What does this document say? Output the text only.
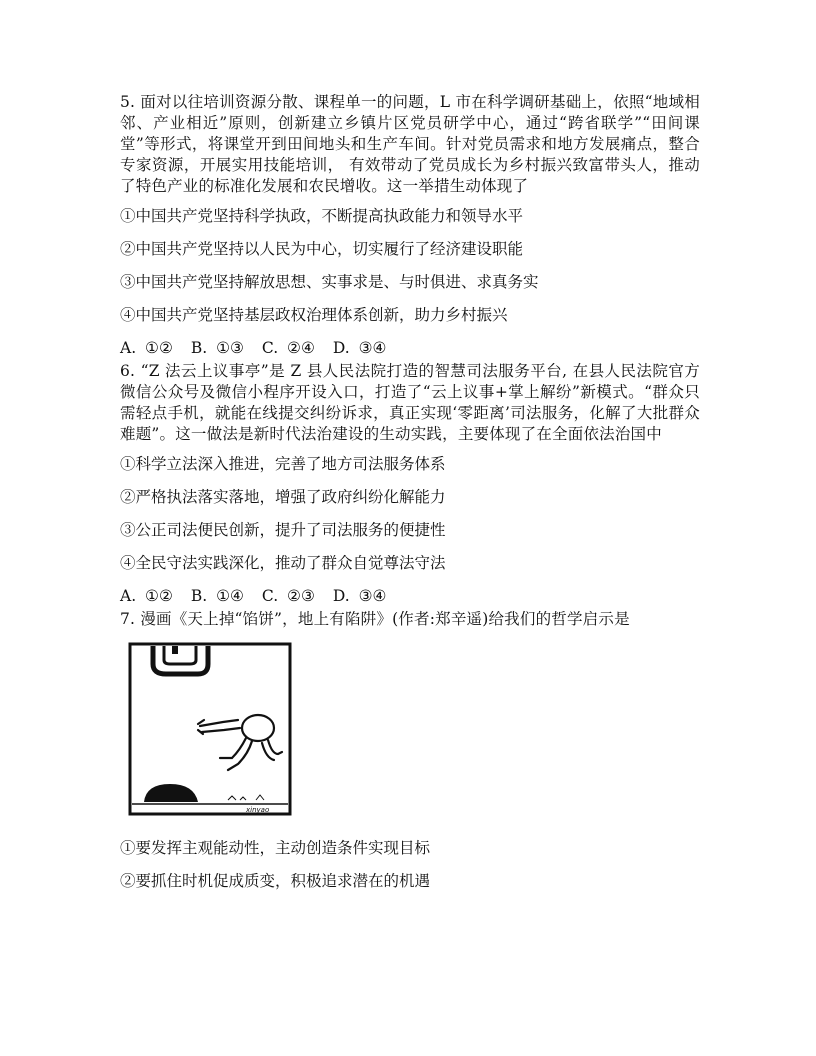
5. 面对以往培训资源分散、课程单一的问题，L 市在科学调研基础上，依照“地域相邻、产业相近”原则，创新建立乡镇片区党员研学中心，通过“跨省联学”“田间课堂”等形式，将课堂开到田间地头和生产车间。针对党员需求和地方发展痛点，整合专家资源，开展实用技能培训， 有效带动了党员成长为乡村振兴致富带头人，推动了特色产业的标准化发展和农民增收。这一举措生动体现了

①中国共产党坚持科学执政，不断提高执政能力和领导水平

②中国共产党坚持以人民为中心，切实履行了经济建设职能

③中国共产党坚持解放思想、实事求是、与时俱进、求真务实

④中国共产党坚持基层政权治理体系创新，助力乡村振兴

A. ①② B. ①③ C. ②④ D. ③④

6. “Z 法云上议事亭”是 Z 县人民法院打造的智慧司法服务平台, 在县人民法院官方微信公众号及微信小程序开设入口，打造了“云上议事+掌上解纷”新模式。“群众只需轻点手机，就能在线提交纠纷诉求，真正实现‘零距离’司法服务，化解了大批群众难题”。这一做法是新时代法治建设的生动实践，主要体现了在全面依法治国中

①科学立法深入推进，完善了地方司法服务体系

②严格执法落实落地，增强了政府纠纷化解能力

③公正司法便民创新，提升了司法服务的便捷性

④全民守法实践深化，推动了群众自觉尊法守法

A. ①② B. ①④ C. ②③ D. ③④

7. 漫画《天上掉“馅饼”，地上有陷阱》(作者:郑辛遥)给我们的哲学启示是

xinyao

①要发挥主观能动性，主动创造条件实现目标

②要抓住时机促成质变，积极追求潜在的机遇
